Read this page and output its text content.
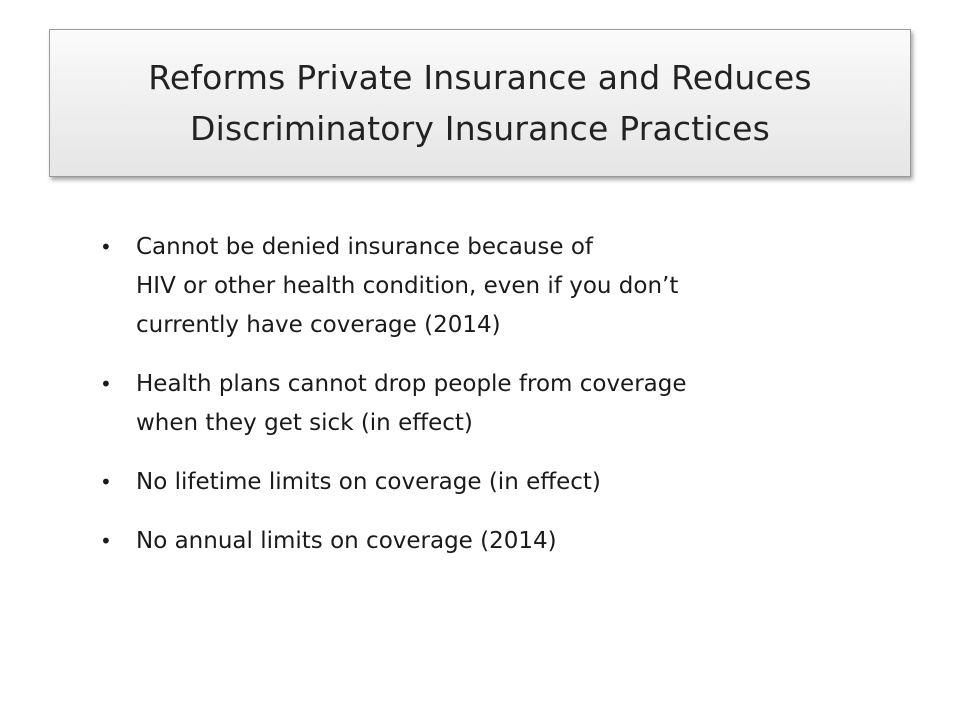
Reforms Private Insurance and Reduces
Discriminatory Insurance Practices
• Cannot be denied insurance because of
HIV or other health condition, even if you don’t
currently have coverage (2014)
• Health plans cannot drop people from coverage
when they get sick (in effect)
• No lifetime limits on coverage (in effect)
• No annual limits on coverage (2014)
